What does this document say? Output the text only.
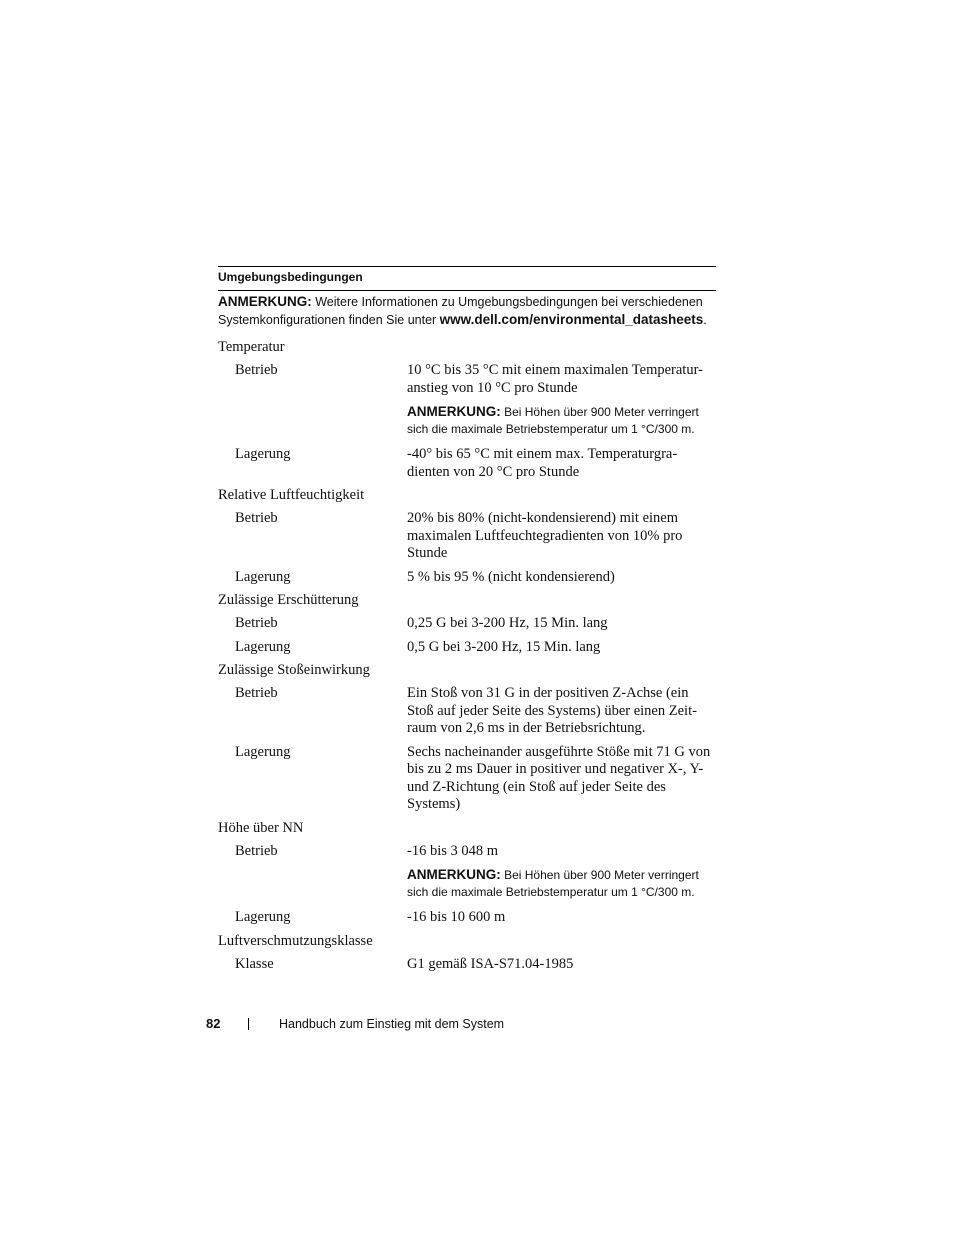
Umgebungsbedingungen
ANMERKUNG: Weitere Informationen zu Umgebungsbedingungen bei verschiedenen Systemkonfigurationen finden Sie unter www.dell.com/environmental_datasheets.
Temperatur
Betrieb	10 °C bis 35 °C mit einem maximalen Temperatur-anstieg von 10 °C pro Stunde
ANMERKUNG: Bei Höhen über 900 Meter verringert sich die maximale Betriebstemperatur um 1 °C/300 m.
Lagerung	-40° bis 65 °C mit einem max. Temperaturgra-dienten von 20 °C pro Stunde
Relative Luftfeuchtigkeit
Betrieb	20% bis 80% (nicht-kondensierend) mit einem maximalen Luftfeuchtegradienten von 10% pro Stunde
Lagerung	5 % bis 95 % (nicht kondensierend)
Zulässige Erschütterung
Betrieb	0,25 G bei 3-200 Hz, 15 Min. lang
Lagerung	0,5 G bei 3-200 Hz, 15 Min. lang
Zulässige Stoßeinwirkung
Betrieb	Ein Stoß von 31 G in der positiven Z-Achse (ein Stoß auf jeder Seite des Systems) über einen Zeit-raum von 2,6 ms in der Betriebsrichtung.
Lagerung	Sechs nacheinander ausgeführte Stöße mit 71 G von bis zu 2 ms Dauer in positiver und negativer X-, Y- und Z-Richtung (ein Stoß auf jeder Seite des Systems)
Höhe über NN
Betrieb	-16 bis 3 048 m
ANMERKUNG: Bei Höhen über 900 Meter verringert sich die maximale Betriebstemperatur um 1 °C/300 m.
Lagerung	-16 bis 10 600 m
Luftverschmutzungsklasse
Klasse	G1 gemäß ISA-S71.04-1985
82	Handbuch zum Einstieg mit dem System
